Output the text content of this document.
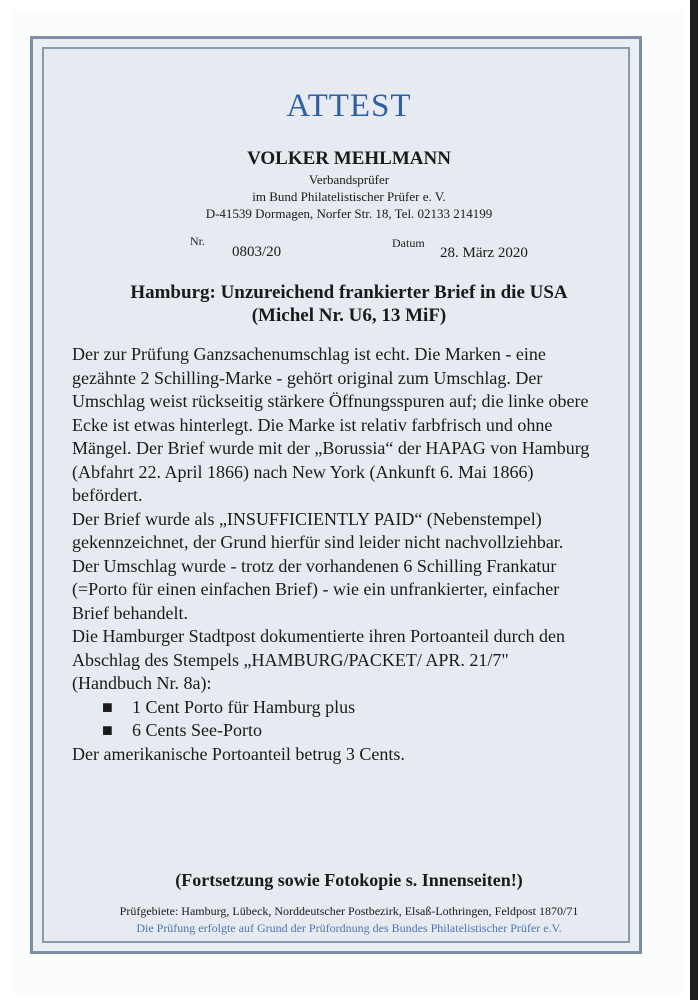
ATTEST
VOLKER MEHLMANN
Verbandsprüfer
im Bund Philatelistischer Prüfer e. V.
D-41539 Dormagen, Norfer Str. 18, Tel. 02133 214199
Nr.
0803/20
Datum
28. März 2020
Hamburg: Unzureichend frankierter Brief in die USA
(Michel Nr. U6, 13 MiF)

Der zur Prüfung Ganzsachenumschlag ist echt. Die Marken - eine gezähnte 2 Schilling-Marke - gehört original zum Umschlag. Der Umschlag weist rückseitig stärkere Öffnungsspuren auf; die linke obere Ecke ist etwas hinterlegt. Die Marke ist relativ farbfrisch und ohne Mängel. Der Brief wurde mit der „Borussia“ der HAPAG von Hamburg (Abfahrt 22. April 1866) nach New York (Ankunft 6. Mai 1866) befördert.

Der Brief wurde als „INSUFFICIENTLY PAID“ (Nebenstempel) gekennzeichnet, der Grund hierfür sind leider nicht nachvollziehbar. Der Umschlag wurde - trotz der vorhandenen 6 Schilling Frankatur (=Porto für einen einfachen Brief) - wie ein unfrankierter, einfacher Brief behandelt.

Die Hamburger Stadtpost dokumentierte ihren Portoanteil durch den Abschlag des Stempels „HAMBURG/PACKET/ APR. 21/7" (Handbuch Nr. 8a):

■ 1 Cent Porto für Hamburg plus
■ 6 Cents See-Porto

Der amerikanische Portoanteil betrug 3 Cents.

(Fortsetzung sowie Fotokopie s. Innenseiten!)
Prüfgebiete: Hamburg, Lübeck, Norddeutscher Postbezirk, Elsaß-Lothringen, Feldpost 1870/71
Die Prüfung erfolgte auf Grund der Prüfordnung des Bundes Philatelistischer Prüfer e.V.
